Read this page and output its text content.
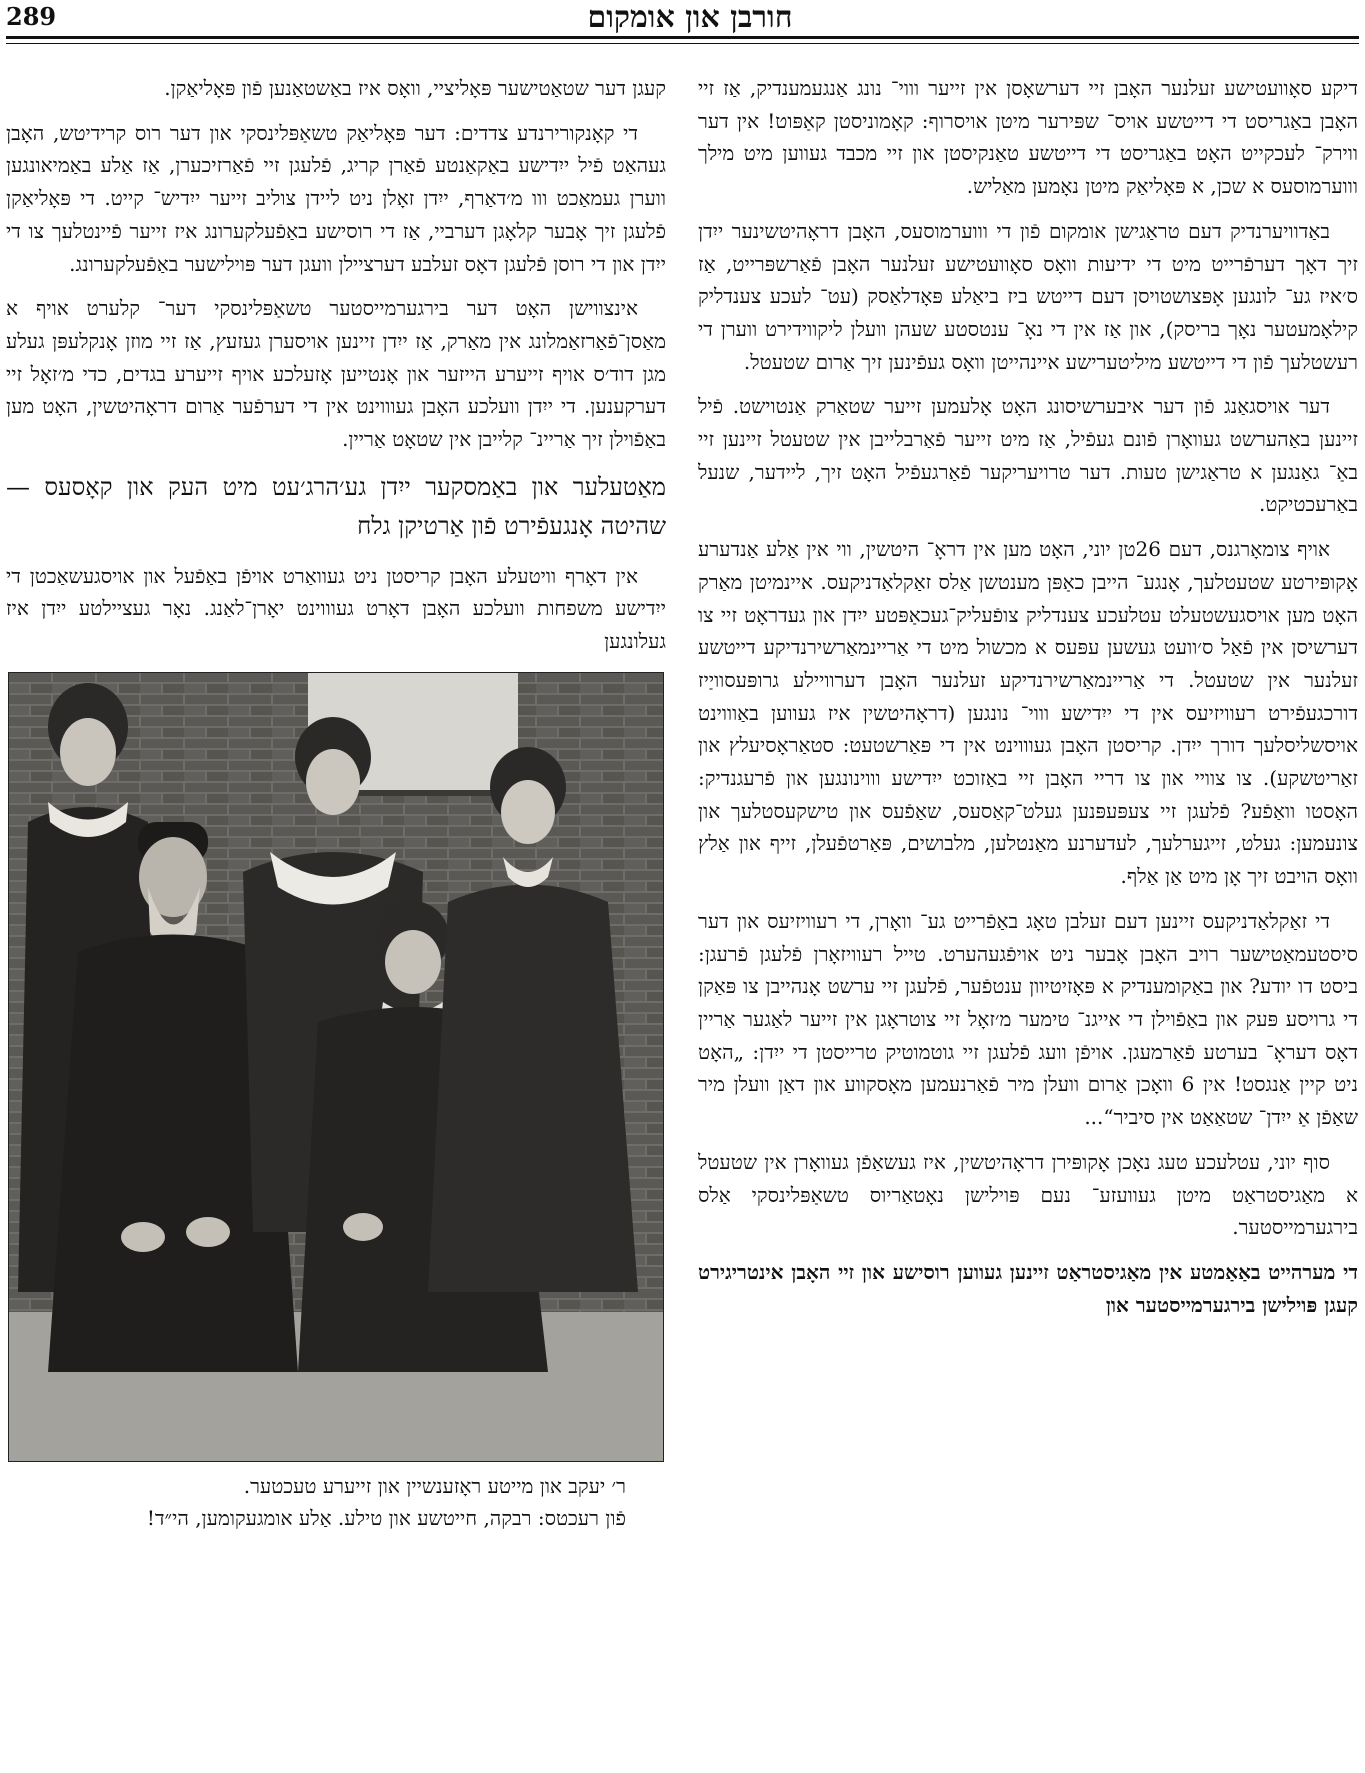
289	חורבן און אומקום

דיקע סאָוועטישע זעלנער האָבן זיי דערשאָסן אין זייער וווי־ נונג אַנגעמענדיק, אַז זיי האָבן באַגריסט די דייטשע אויס־ שפּירער מיטן אויסרוף: קאָמוניסטן קאַפּוט! אין דער ווירק־ לעכקייט האָט באַגריסט די דייטשע טאַנקיסטן און זיי מכבד געווען מיט מילך וווערמוסעס א שכן, א פּאָליאַק מיטן נאָמען מאַליש.

באַדוויערנדיק דעם טראַגישן אומקום פֿון די וווערמוסעס, האָבן דראָהיטשינער ייִדן זיך דאָך דערפֿרייט מיט די ידיעות וואָס סאָוועטישע זעלנער האָבן פֿאַרשפּרייט, אַז ס׳איז גע־ לונגען אָפּצושטויסן דעם דייטש ביז ביאַלע פּאָדלאַסק (עט־ לעכע צענדליק קילאָמעטער נאָך בריסק), און אַז אין די נאָ־ ענטסטע שעהן וועלן ליקווידירט ווערן די רעשטלעך פֿון די דייטשע מיליטערישע איינהייטן וואָס געפֿינען זיך אַרום שטעטל.

דער אויסגאַנג פֿון דער איבערשיסונג האָט אָלעמען זייער שטאַרק אַנטוישט. פֿיל זיינען באַהערשט געוואָרן פֿונם געפֿיל, אַז מיט זייער פֿאַרבלייבן אין שטעטל זיינען זיי באַ־ גאַנגען א טראַגישן טעות. דער טרויעריקער פֿאַרגעפֿיל האָט זיך, ליידער, שנעל באַרעכטיקט.

אויף צומאָרגנס, דעם 26טן יוני, האָט מען אין דראָ־ היטשין, ווי אין אַלע אַנדערע אָקופּירטע שטעטלעך, אָנגע־ הייבן כאַפּן מענטשן אַלס זאַקלאַדניקעס. איינמיטן מאַרק האָט מען אויסגעשטעלט עטלעכע צענדליק צופֿעליק־געכאַפּטע ייִדן און געדראָט זיי צו דערשיסן אין פֿאַל ס׳וועט געשען עפּעס א מכשול מיט די אַריינמאַרשירנדיקע דייטשע זעלנער אין שטעטל. די אַריינמאַרשירנדיקע זעלנער האָבן דערוויילע גרופּעסוויַיז דורכגעפֿירט רעוויזיעס אין די ייִדישע וווי־ נונגען (דראָהיטשין איז געווען באַוווינט אויסשליסלעך דורך ייִדן. קריסטן האָבן געוווינט אין די פּאַרשטעט: סטאַראָסיעלץ און זאַריטשקע). צו צוויי און צו דריי האָבן זיי באַזוכט ייִדישע וווינונגען און פֿרעגנדיק: האָסטו וואַפֿע? פֿלעגן זיי צעפּעפּנען געלט־קאַסעס, שאַפֿעס און טישקעסטלעך און צונעמען: געלט, זייגערלעך, לעדערנע מאַנטלען, מלבושים, פּאַרטפֿעלן, זייף און אַלץ וואָס הויבט זיך אָן מיט אַן אַלף.

די זאַקלאַדניקעס זיינען דעם זעלבן טאָג באַפֿרייט גע־ וואָרן, די רעוויזיעס און דער סיסטעמאַטישער רויב האָבן אָבער ניט אויפֿגעהערט. טייל רעוויזאָרן פֿלעגן פֿרעגן: ביסט דו יודע? און באַקומענדיק א פּאָזיטיוון ענטפֿער, פֿלעגן זיי ערשט אָנהייבן צו פּאַקן די גרויסע פּעק און באַפֿוילן די אייגנ־ טימער מ׳זאָל זיי צוטראָגן אין זייער לאַגער אַריין דאָס דעראָ־ בערטע פֿאַרמעגן. אויפֿן וועג פֿלעגן זיי גוטמוטיק טרייסטן די ייִדן: „האָט ניט קיין אַנגסט! אין 6 וואָכן אַרום וועלן מיר פֿאַרנעמען מאָסקווע און דאַן וועלן מיר שאַפֿן אַ ייִדן־ שטאַאַט אין סיביר“...

סוף יוני, עטלעכע טעג נאָכן אָקופּירן דראָהיטשין, איז געשאַפֿן געוואָרן אין שטעטל א מאַגיסטראַט מיטן געוועזע־ נעם פּוילישן נאָטאַריוס טשאַפּלינסקי אַלס בירגערמייסטער.

די מערהייט באַאַמטע אין מאַגיסטראַט זיינען געווען רוסישע און זיי האָבן אינטריגירט קעגן פּוילישן בירגערמייסטער און

קעגן דער שטאַטישער פּאָליציי, וואָס איז באַשטאַנען פֿון פּאָליאַקן.

די קאָנקורירנדע צדדים: דער פּאָליאַק טשאַפּלינסקי און דער רוס קרידיטש, האָבן געהאַט פֿיל ייִדישע באַקאַנטע פֿאַרן קריג, פֿלעגן זיי פֿאַרזיכערן, אַז אַלע באַמיאונגען ווערן געמאַכט ווו מ׳דאַרף, ייִדן זאָלן ניט ליידן צוליב זייער ייִדיש־ קייט. די פּאָליאַקן פֿלעגן זיך אָבער קלאָגן דערביי, אַז די רוסישע באַפֿעלקערונג איז זייער פֿיינטלעך צו די ייִדן און די רוסן פֿלעגן דאָס זעלבע דערציילן וועגן דער פּוילישער באַפֿעלקערונג.

אינצווישן האָט דער בירגערמייסטער טשאַפּלינסקי דער־ קלערט אויף א מאַסן־פֿאַרזאַמלונג אין מאַרק, אַז ייִדן זיינען אויסערן געזעץ, אַז זיי מוזן אָנקלעפּן געלע מגן דוד׳ס אויף זייערע הייזער און אָנטייען אָזעלכע אויף זייערע בגדים, כדי מ׳זאָל זיי דערקענען. די ייִדן וועלכע האָבן געוווינט אין די דערפֿער אַרום דראָהיטשין, האָט מען באַפֿוילן זיך אַריינ־ קלייבן אין שטאָט אַריין.

מאַטעלער און באַמסקער ייִדן גע׳הרג׳עט מיט העק און קאָסעס — שהיטה אָנגעפֿירט פֿון אַרטיקן גלח

אין דאָרף וויטעלע האָבן קריסטן ניט געוואַרט אויפֿן באַפֿעל און אויסגעשאַכטן די ייִדישע משפחות וועלכע האָבן דאָרט געוווינט יאָרן־לאַנג. נאָר געציילטע ייִדן איז געלונגען

ר׳ יעקב און מייטע ראָזענשיין און זייערע טעכטער.
פֿון רעכטס: רבקה, חייטשע און טילע. אַלע אומגעקומען, הי״ד!
